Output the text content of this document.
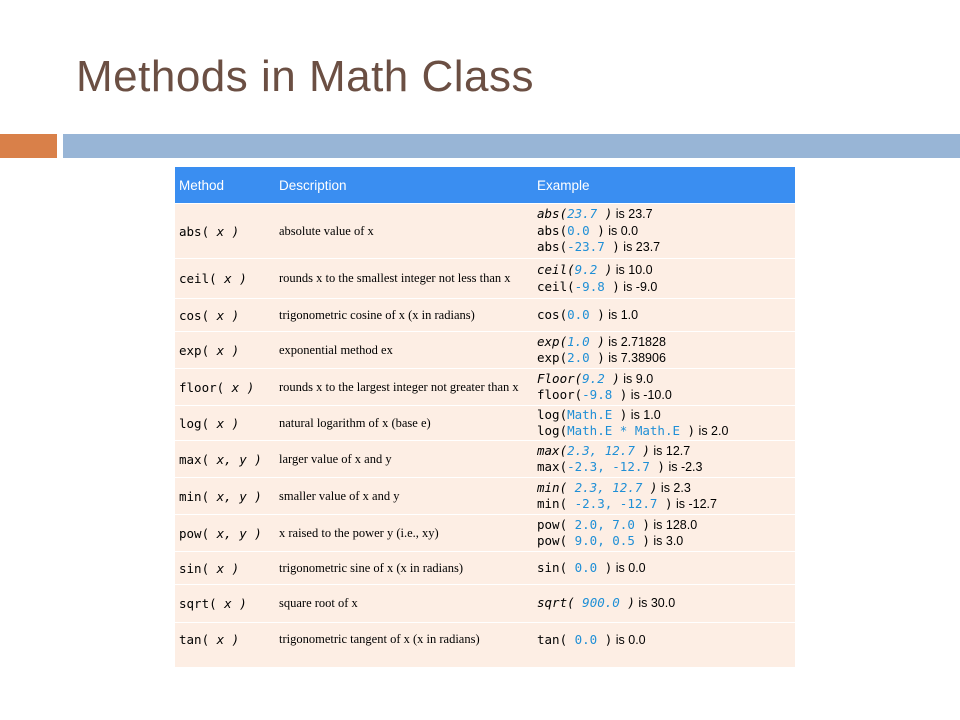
Methods in Math Class
Method	Description	Example
abs( x )	absolute value of x	abs(23.7 ) is 23.7
abs(0.0 ) is 0.0
abs(-23.7 ) is 23.7

ceil( x )	rounds x to the smallest integer not less than x	ceil(9.2 ) is 10.0
ceil(-9.8 ) is -9.0

cos( x )	trigonometric cosine of x (x in radians)	cos(0.0 ) is 1.0

exp( x )	exponential method ex	exp(1.0 ) is 2.71828
exp(2.0 ) is 7.38906

floor( x )	rounds x to the largest integer not greater than x	Floor(9.2 ) is 9.0
floor(-9.8 ) is -10.0

log( x )	natural logarithm of x (base e)	log(Math.E ) is 1.0
log(Math.E * Math.E ) is 2.0

max( x, y )	larger value of x and y	max(2.3, 12.7 ) is 12.7
max(-2.3, -12.7 ) is -2.3

min( x, y )	smaller value of x and y	min( 2.3, 12.7 ) is 2.3
min( -2.3, -12.7 ) is -12.7

pow( x, y )	x raised to the power y (i.e., xy)	pow( 2.0, 7.0 ) is 128.0
pow( 9.0, 0.5 ) is 3.0

sin( x )	trigonometric sine of x (x in radians)	sin( 0.0 ) is 0.0

sqrt( x )	square root of x	sqrt( 900.0 ) is 30.0

tan( x )	trigonometric tangent of x (x in radians)	tan( 0.0 ) is 0.0
